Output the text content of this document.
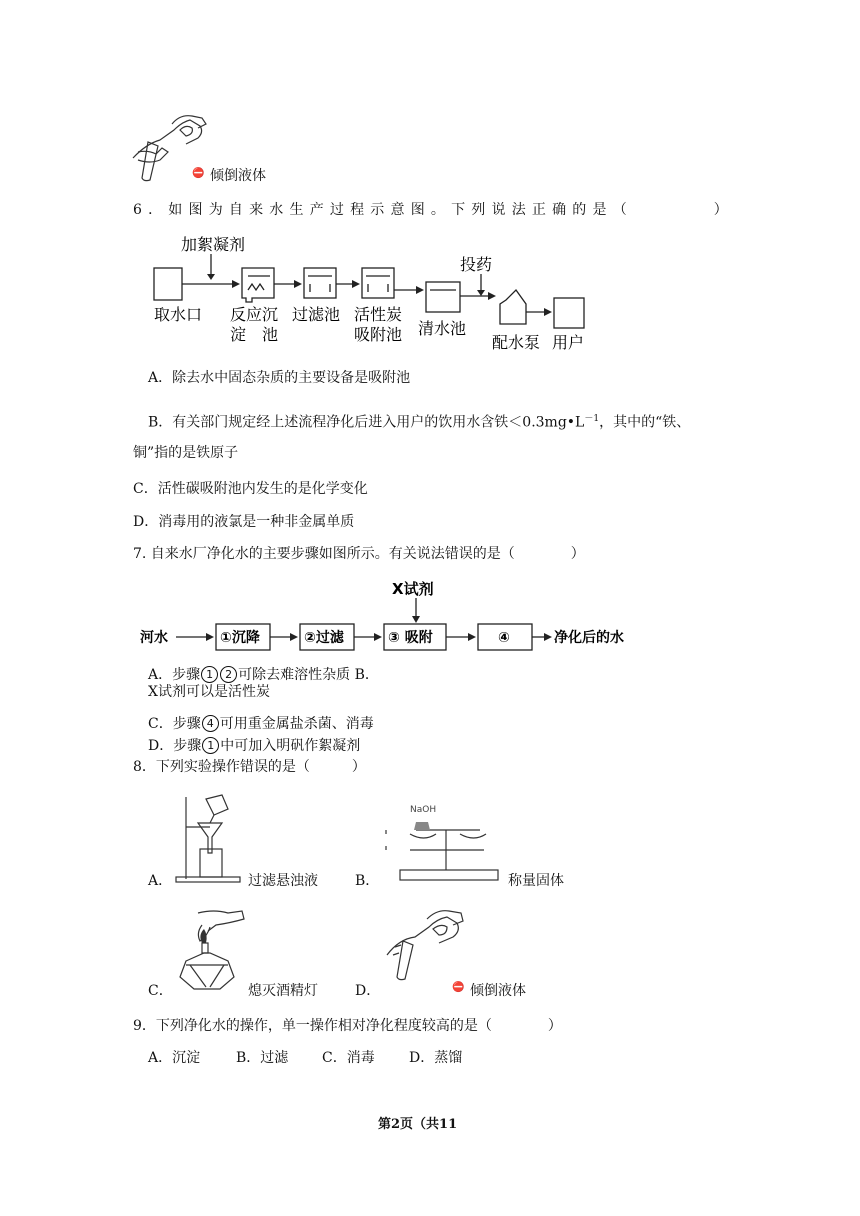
⛔ 倾倒液体
6．如图为自来水生产过程示意图。下列说法正确的是（　　　　）
加絮凝剂
投药
取水口 反应沉
淀　池
过滤池 活性炭
吸附池 清水池
配水泵 用户
A．除去水中固态杂质的主要设备是吸附池
B．有关部门规定经上述流程净化后进入用户的饮用水含铁$<0.3mg•L^{-1}$，其中的“铁、
铜”指的是铁原子
C．活性碳吸附池内发生的是化学变化
D．消毒用的液氯是一种非金属单质
7. 自来水厂净化水的主要步骤如图所示。有关说法错误的是（　　　　）
X试剂
河水	①沉降	②过滤	③ 吸附	④	净化后的水
A．步骤 1 2 可除去难溶性杂质 B．
X试剂可以是活性炭
C．步骤 4 可用重金属盐杀菌、消毒
D．步骤 1 中可加入明矾作絮凝剂
8．下列实验操作错误的是（　　　）
A．	过滤悬浊液
NaOH
B．	称量固体
C．	熄灭酒精灯	⛔
D．	倾倒液体
9．下列净化水的操作，单一操作相对净化程度较高的是（　　　　）
A．沉淀	B．过滤 C．消毒 D．蒸馏
第2页（共11
